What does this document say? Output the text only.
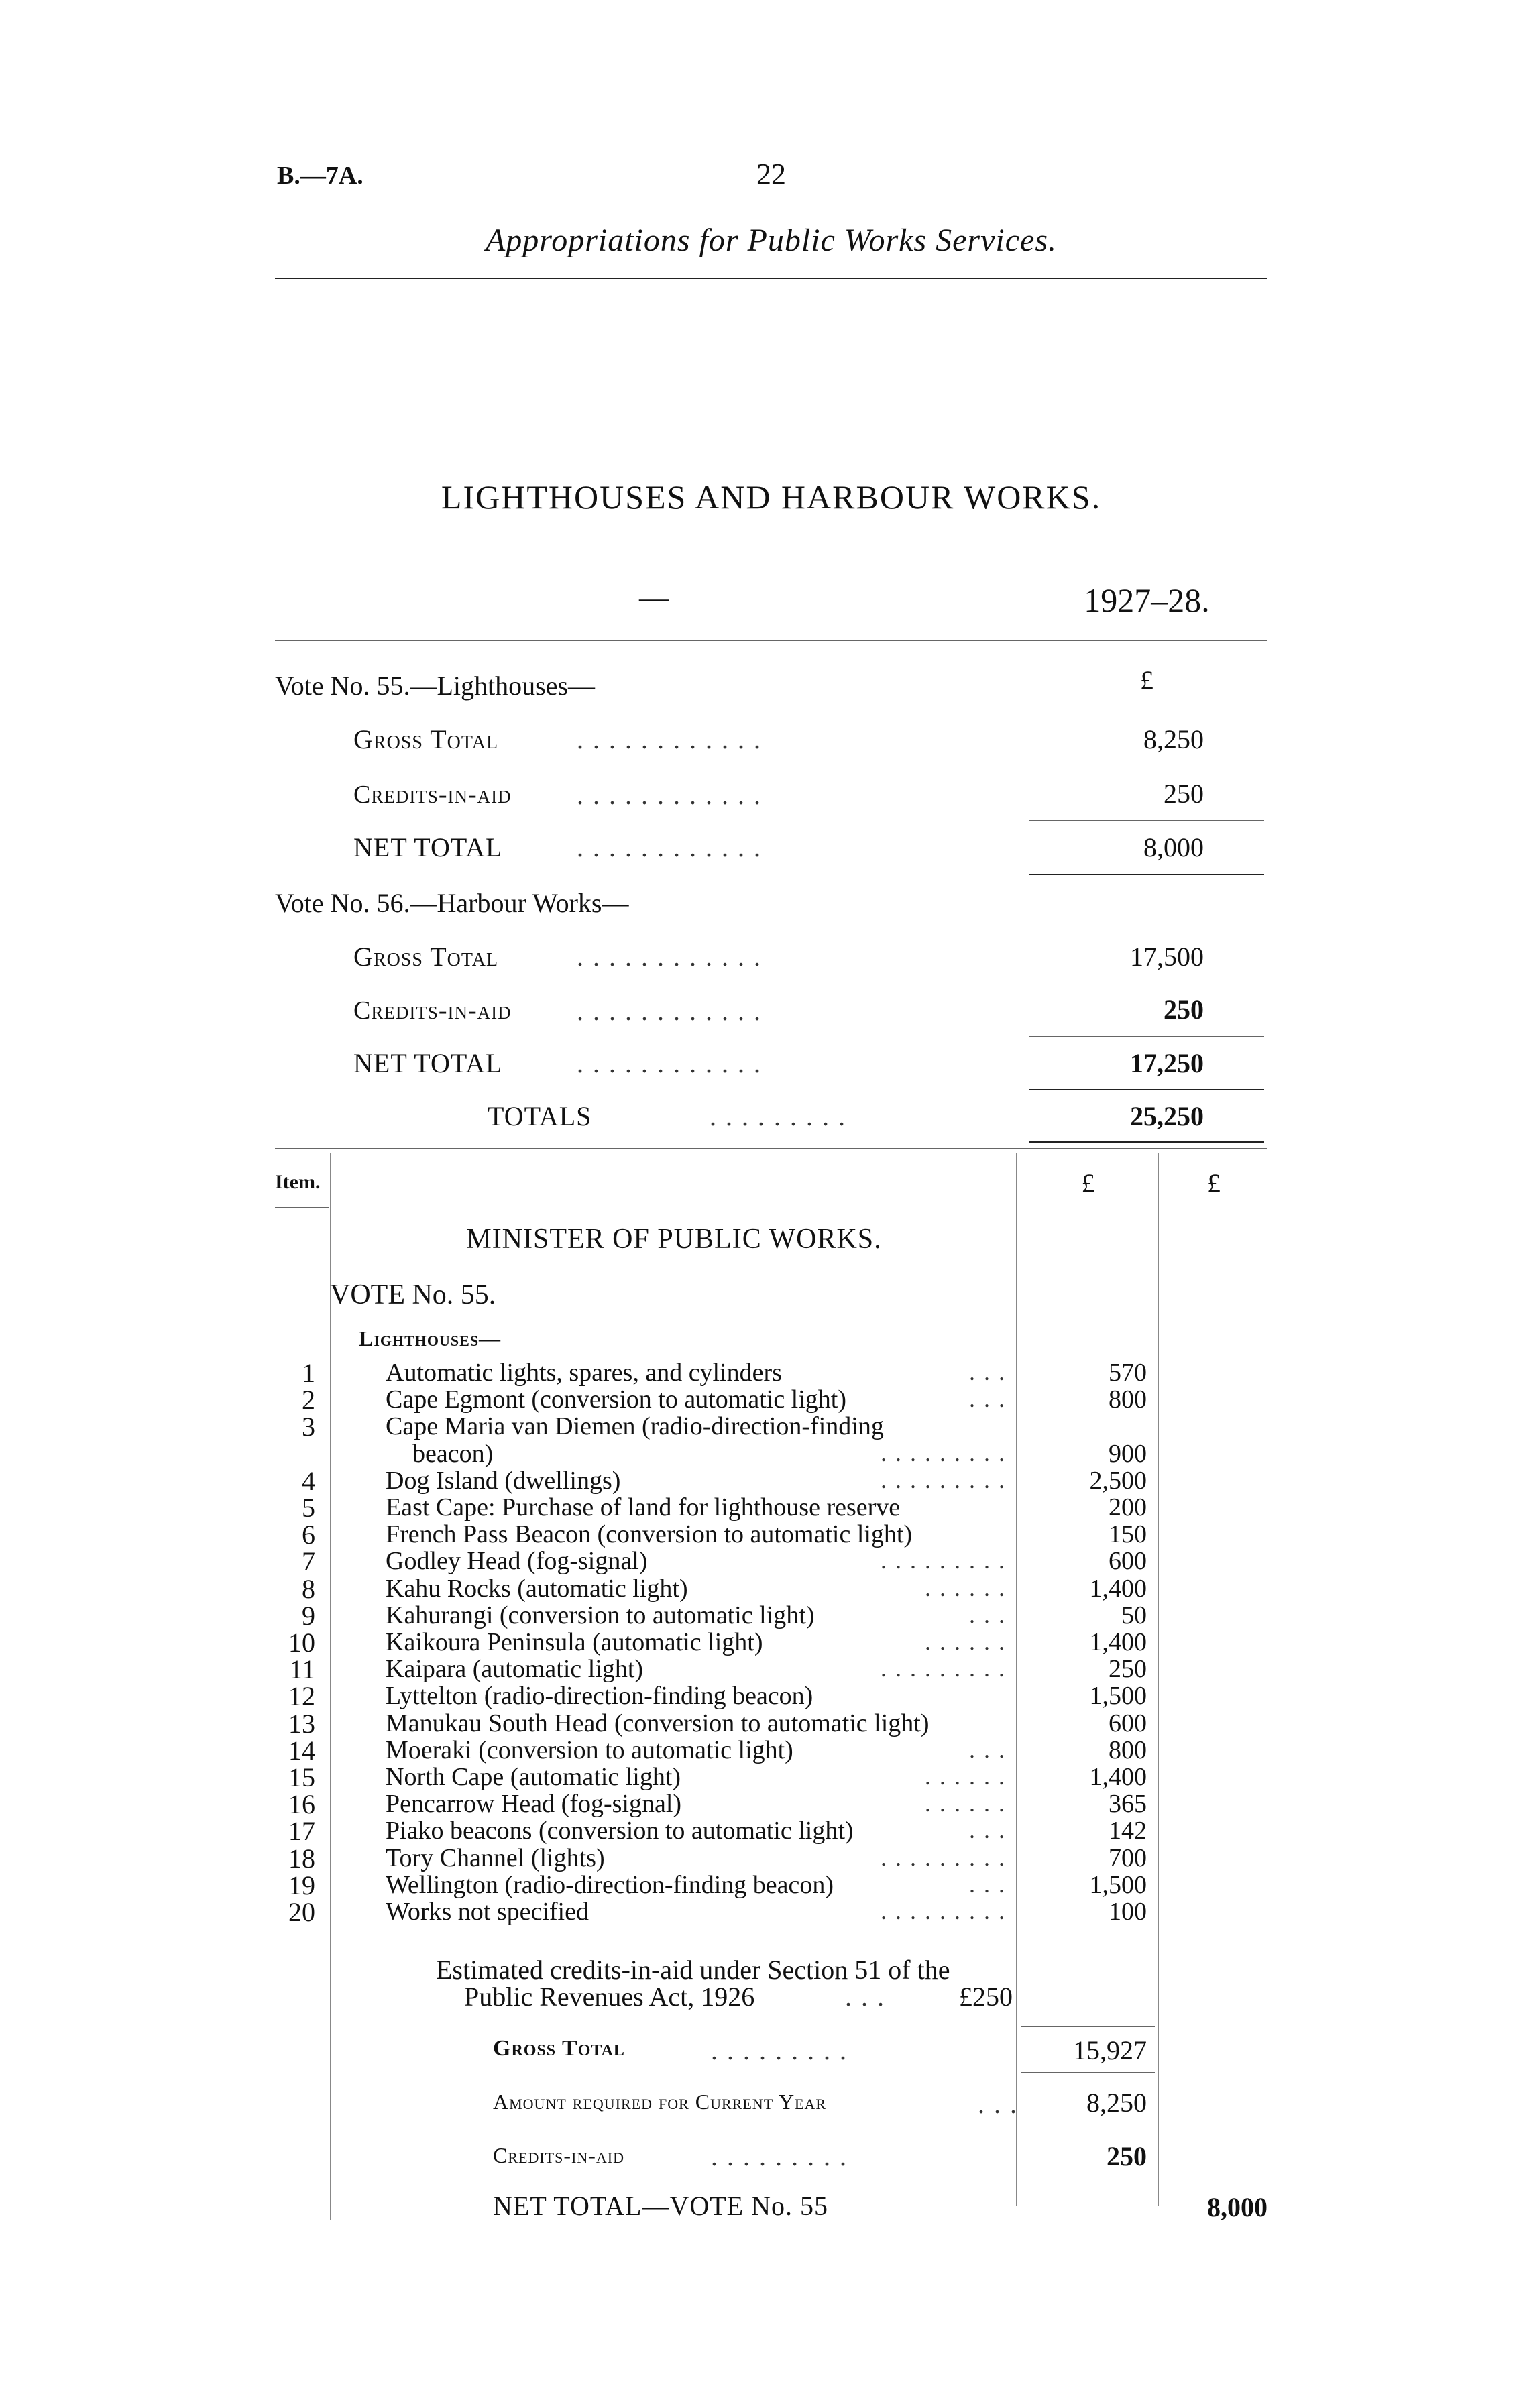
B.—7A.	22
Appropriations for Public Works Services.
LIGHTHOUSES AND HARBOUR WORKS.
—	1927–28.
£
Vote No. 55.—Lighthouses—
Gross Total	. . . . . . . . . . . .	8,250
Credits-in-aid . . . . . . . . . . . .	250
NET TOTAL	. . . . . . . . . . . .	8,000
Vote No. 56.—Harbour Works—
Gross Total	. . . . . . . . . . . .	17,500
Credits-in-aid . . . . . . . . . . . .	250
NET TOTAL	. . . . . . . . . . . .	17,250
TOTALS	. . . . . . . . .	25,250
Item.	£	£
MINISTER OF PUBLIC WORKS.
VOTE No. 55.
Lighthouses—
1	Automatic lights, spares, and cylinders	. . .	570
2	Cape Egmont (conversion to automatic light)	. . .	800
3	Cape Maria van Diemen (radio-direction-finding
beacon)	. . . . . . . . .	900
4	Dog Island (dwellings)	. . . . . . . . .	2,500
5	East Cape: Purchase of land for lighthouse reserve	200
6	French Pass Beacon (conversion to automatic light)	150
7	Godley Head (fog-signal)	. . . . . . . . .	600
8	Kahu Rocks (automatic light)	. . . . . .	1,400
9	Kahurangi (conversion to automatic light)	. . .	50
10	Kaikoura Peninsula (automatic light)	. . . . . .	1,400
11	Kaipara (automatic light)	. . . . . . . . .	250
12	Lyttelton (radio-direction-finding beacon)	1,500
13	Manukau South Head (conversion to automatic light)	600
14	Moeraki (conversion to automatic light)	. . .	800
15	North Cape (automatic light)	. . . . . .	1,400
16	Pencarrow Head (fog-signal)	. . . . . .	365
17	Piako beacons (conversion to automatic light)	. . .	142
18	Tory Channel (lights)	. . . . . . . . .	700
19	Wellington (radio-direction-finding beacon)	. . .	1,500
20	Works not specified	. . . . . . . . .	100
Estimated credits-in-aid under Section 51 of the
Public Revenues Act, 1926	. . .	£250
Gross Total	. . . . . . . . .	15,927
Amount required for Current Year	. . .	8,250
Credits-in-aid	. . . . . . . . .	250
NET TOTAL—VOTE No. 55	8,000
